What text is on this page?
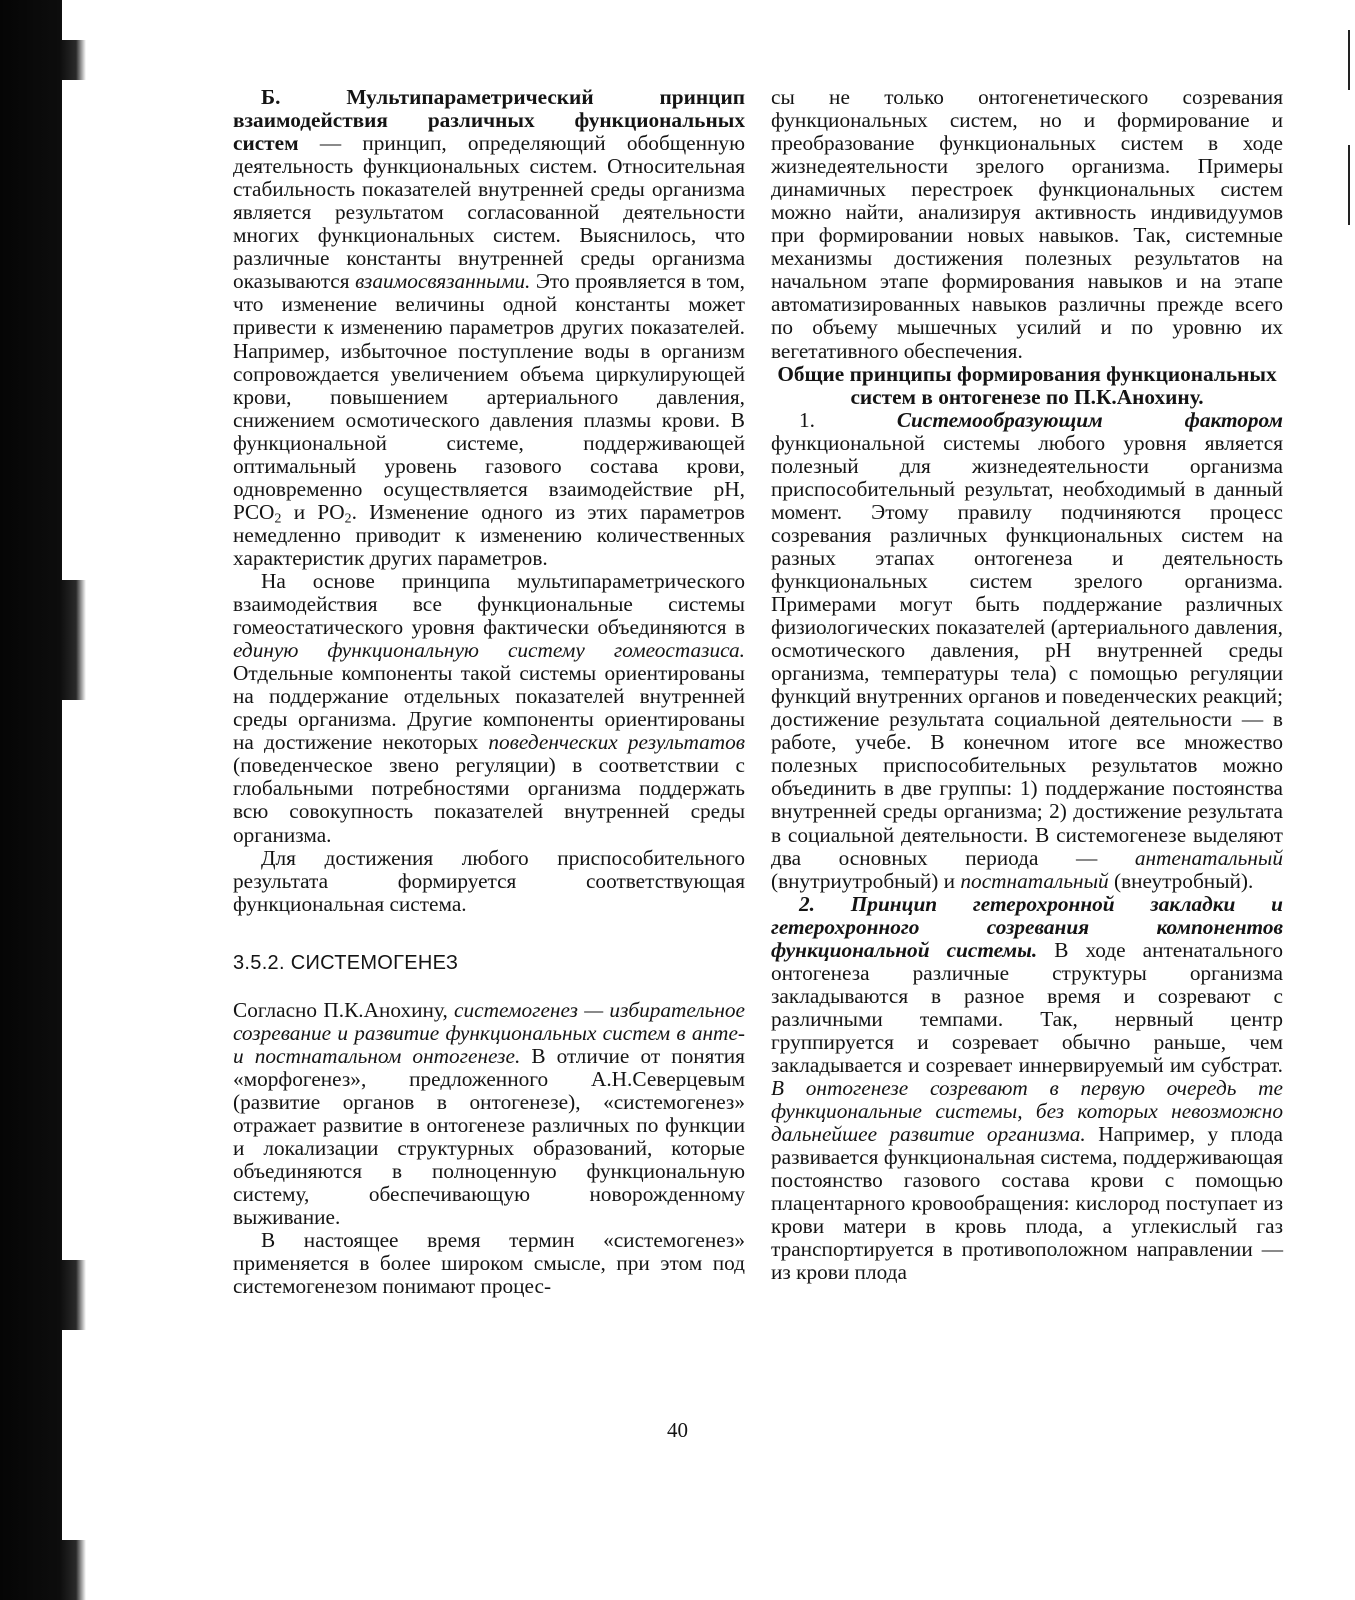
Б. Мультипараметрический принцип взаимодействия различных функциональных систем — принцип, определяющий обобщенную деятельность функциональных систем. Относительная стабильность показателей внутренней среды организма является результатом согласованной деятельности многих функциональных систем. Выяснилось, что различные константы внутренней среды организма оказываются взаимосвязанными. Это проявляется в том, что изменение величины одной константы может привести к изменению параметров других показателей. Например, избыточное поступление воды в организм сопровождается увеличением объема циркулирующей крови, повышением артериального давления, снижением осмотического давления плазмы крови. В функциональной системе, поддерживающей оптимальный уровень газового состава крови, одновременно осуществляется взаимодействие pH, $PCO_2$ и $PO_2$. Изменение одного из этих параметров немедленно приводит к изменению количественных характеристик других параметров.

На основе принципа мультипараметрического взаимодействия все функциональные системы гомеостатического уровня фактически объединяются в единую функциональную систему гомеостазиса. Отдельные компоненты такой системы ориентированы на поддержание отдельных показателей внутренней среды организма. Другие компоненты ориентированы на достижение некоторых поведенческих результатов (поведенческое звено регуляции) в соответствии с глобальными потребностями организма поддержать всю совокупность показателей внутренней среды организма.

Для достижения любого приспособительного результата формируется соответствующая функциональная система.

3.5.2. СИСТЕМОГЕНЕЗ

Согласно П.К.Анохину, системогенез — избирательное созревание и развитие функциональных систем в анте- и постнатальном онтогенезе. В отличие от понятия «морфогенез», предложенного А.Н.Северцевым (развитие органов в онтогенезе), «системогенез» отражает развитие в онтогенезе различных по функции и локализации структурных образований, которые объединяются в полноценную функциональную систему, обеспечивающую новорожденному выживание.

В настоящее время термин «системогенез» применяется в более широком смысле, при этом под системогенезом понимают процес-

сы не только онтогенетического созревания функциональных систем, но и формирование и преобразование функциональных систем в ходе жизнедеятельности зрелого организма. Примеры динамичных перестроек функциональных систем можно найти, анализируя активность индивидуумов при формировании новых навыков. Так, системные механизмы достижения полезных результатов на начальном этапе формирования навыков и на этапе автоматизированных навыков различны прежде всего по объему мышечных усилий и по уровню их вегетативного обеспечения.

Общие принципы формирования функциональных систем в онтогенезе по П.К.Анохину.

1. Системообразующим фактором функциональной системы любого уровня является полезный для жизнедеятельности организма приспособительный результат, необходимый в данный момент. Этому правилу подчиняются процесс созревания различных функциональных систем на разных этапах онтогенеза и деятельность функциональных систем зрелого организма. Примерами могут быть поддержание различных физиологических показателей (артериального давления, осмотического давления, pH внутренней среды организма, температуры тела) с помощью регуляции функций внутренних органов и поведенческих реакций; достижение результата социальной деятельности — в работе, учебе. В конечном итоге все множество полезных приспособительных результатов можно объединить в две группы: 1) поддержание постоянства внутренней среды организма; 2) достижение результата в социальной деятельности. В системогенезе выделяют два основных периода — антенатальный (внутриутробный) и постнатальный (внеутробный).

2. Принцип гетерохронной закладки и гетерохронного созревания компонентов функциональной системы. В ходе антенатального онтогенеза различные структуры организма закладываются в разное время и созревают с различными темпами. Так, нервный центр группируется и созревает обычно раньше, чем закладывается и созревает иннервируемый им субстрат. В онтогенезе созревают в первую очередь те функциональные системы, без которых невозможно дальнейшее развитие организма. Например, у плода развивается функциональная система, поддерживающая постоянство газового состава крови с помощью плацентарного кровообращения: кислород поступает из крови матери в кровь плода, а углекислый газ транспортируется в противоположном направлении — из крови плода

40
